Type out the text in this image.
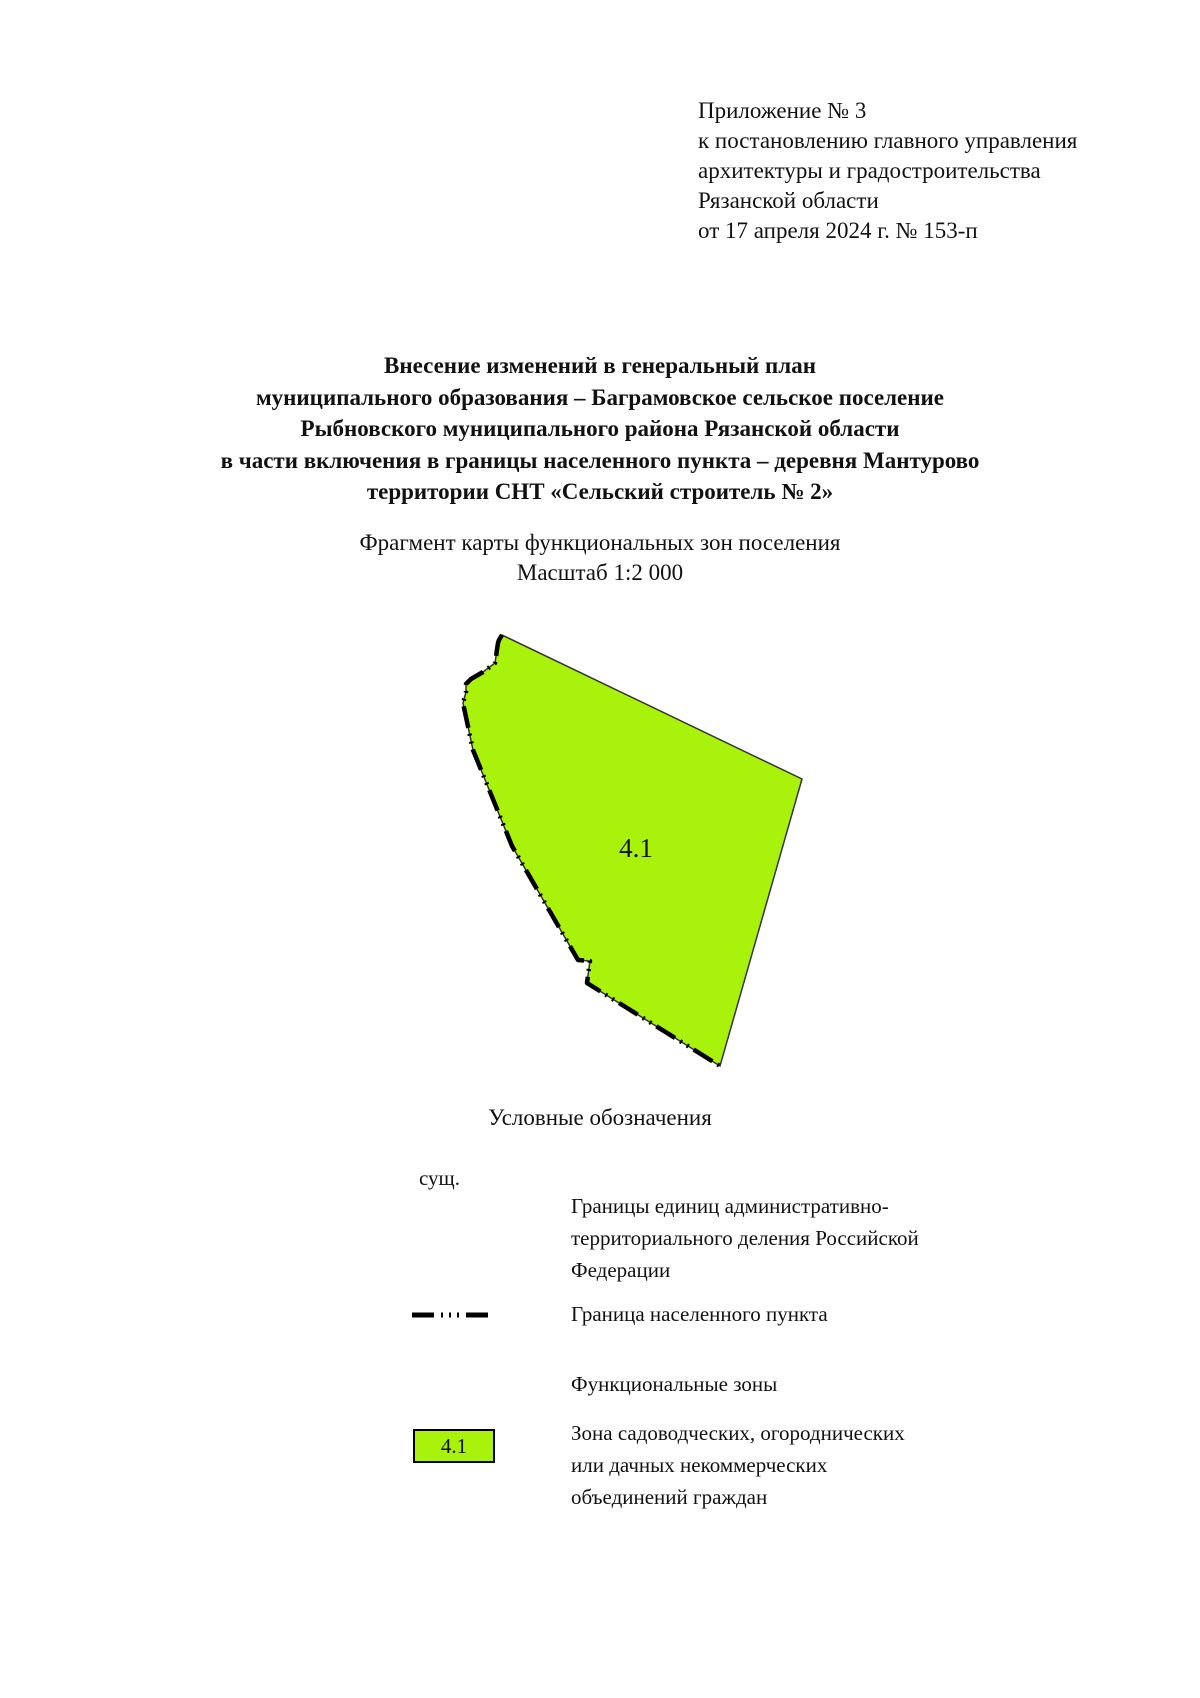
Приложение № 3
к постановлению главного управления
архитектуры и градостроительства
Рязанской области
от 17 апреля 2024 г. № 153-п
Внесение изменений в генеральный план
муниципального образования – Баграмовское сельское поселение
Рыбновского муниципального района Рязанской области
в части включения в границы населенного пункта – деревня Мантурово
территории СНТ «Сельский строитель № 2»
Фрагмент карты функциональных зон поселения
Масштаб 1:2 000
4.1
Условные обозначения
сущ.
Границы единиц административно-
территориального деления Российской
Федерации
Граница населенного пункта
Функциональные зоны
4.1
Зона садоводческих, огороднических
или дачных некоммерческих
объединений граждан
